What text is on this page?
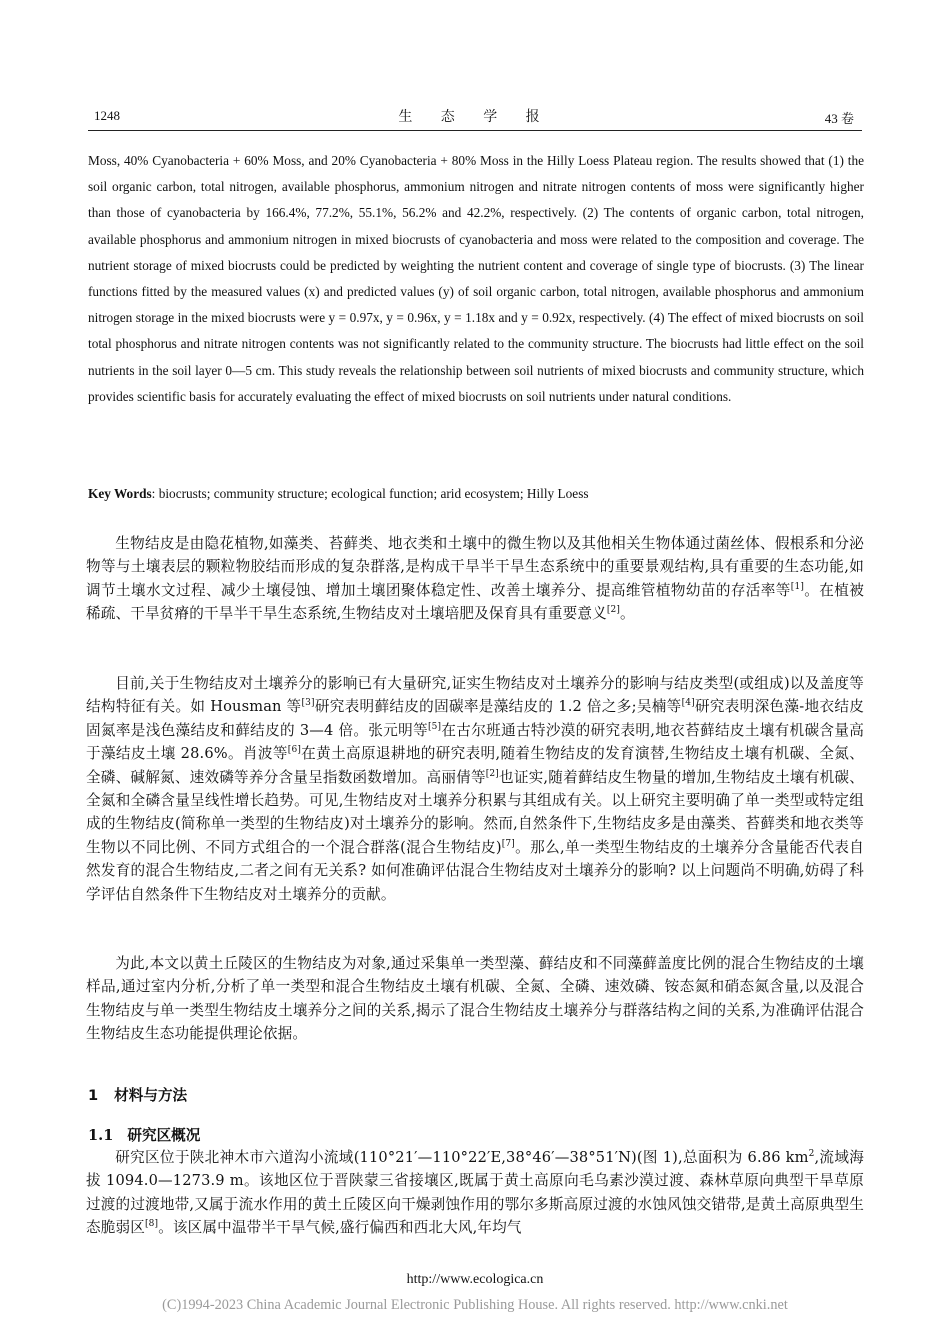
1248	生 态 学 报	43 卷

Moss, 40% Cyanobacteria + 60% Moss, and 20% Cyanobacteria + 80% Moss in the Hilly Loess Plateau region. The results showed that (1) the soil organic carbon, total nitrogen, available phosphorus, ammonium nitrogen and nitrate nitrogen contents of moss were significantly higher than those of cyanobacteria by 166.4%, 77.2%, 55.1%, 56.2% and 42.2%, respectively. (2) The contents of organic carbon, total nitrogen, available phosphorus and ammonium nitrogen in mixed biocrusts of cyanobacteria and moss were related to the composition and coverage. The nutrient storage of mixed biocrusts could be predicted by weighting the nutrient content and coverage of single type of biocrusts. (3) The linear functions fitted by the measured values (x) and predicted values (y) of soil organic carbon, total nitrogen, available phosphorus and ammonium nitrogen storage in the mixed biocrusts were y = 0.97x, y = 0.96x, y = 1.18x and y = 0.92x, respectively. (4) The effect of mixed biocrusts on soil total phosphorus and nitrate nitrogen contents was not significantly related to the community structure. The biocrusts had little effect on the soil nutrients in the soil layer 0—5 cm. This study reveals the relationship between soil nutrients of mixed biocrusts and community structure, which provides scientific basis for accurately evaluating the effect of mixed biocrusts on soil nutrients under natural conditions.

Key Words: biocrusts; community structure; ecological function; arid ecosystem; Hilly Loess

生物结皮是由隐花植物,如藻类、苔藓类、地衣类和土壤中的微生物以及其他相关生物体通过菌丝体、假根系和分泌物等与土壤表层的颗粒物胶结而形成的复杂群落,是构成干旱半干旱生态系统中的重要景观结构,具有重要的生态功能,如调节土壤水文过程、减少土壤侵蚀、增加土壤团聚体稳定性、改善土壤养分、提高维管植物幼苗的存活率等[1]。在植被稀疏、干旱贫瘠的干旱半干旱生态系统,生物结皮对土壤培肥及保育具有重要意义[2]。

目前,关于生物结皮对土壤养分的影响已有大量研究,证实生物结皮对土壤养分的影响与结皮类型(或组成)以及盖度等结构特征有关。如 Housman 等[3]研究表明藓结皮的固碳率是藻结皮的 1.2 倍之多;吴楠等[4]研究表明深色藻-地衣结皮固氮率是浅色藻结皮和藓结皮的 3—4 倍。张元明等[5]在古尔班通古特沙漠的研究表明,地衣苔藓结皮土壤有机碳含量高于藻结皮土壤 28.6%。肖波等[6]在黄土高原退耕地的研究表明,随着生物结皮的发育演替,生物结皮土壤有机碳、全氮、全磷、碱解氮、速效磷等养分含量呈指数函数增加。高丽倩等[2]也证实,随着藓结皮生物量的增加,生物结皮土壤有机碳、全氮和全磷含量呈线性增长趋势。可见,生物结皮对土壤养分积累与其组成有关。以上研究主要明确了单一类型或特定组成的生物结皮(简称单一类型的生物结皮)对土壤养分的影响。然而,自然条件下,生物结皮多是由藻类、苔藓类和地衣类等生物以不同比例、不同方式组合的一个混合群落(混合生物结皮)[7]。那么,单一类型生物结皮的土壤养分含量能否代表自然发育的混合生物结皮,二者之间有无关系? 如何准确评估混合生物结皮对土壤养分的影响? 以上问题尚不明确,妨碍了科学评估自然条件下生物结皮对土壤养分的贡献。

为此,本文以黄土丘陵区的生物结皮为对象,通过采集单一类型藻、藓结皮和不同藻藓盖度比例的混合生物结皮的土壤样品,通过室内分析,分析了单一类型和混合生物结皮土壤有机碳、全氮、全磷、速效磷、铵态氮和硝态氮含量,以及混合生物结皮与单一类型生物结皮土壤养分之间的关系,揭示了混合生物结皮土壤养分与群落结构之间的关系,为准确评估混合生物结皮生态功能提供理论依据。

1 材料与方法
1.1 研究区概况

研究区位于陕北神木市六道沟小流域(110°21′—110°22′E,38°46′—38°51′N)(图 1),总面积为 6.86 $km^2$,流域海拔 1094.0—1273.9 m。该地区位于晋陕蒙三省接壤区,既属于黄土高原向毛乌素沙漠过渡、森林草原向典型干旱草原过渡的过渡地带,又属于流水作用的黄土丘陵区向干燥剥蚀作用的鄂尔多斯高原过渡的水蚀风蚀交错带,是黄土高原典型生态脆弱区[8]。该区属中温带半干旱气候,盛行偏西和西北大风,年均气

http://www.ecologica.cn
(C)1994-2023 China Academic Journal Electronic Publishing House. All rights reserved. http://www.cnki.net
